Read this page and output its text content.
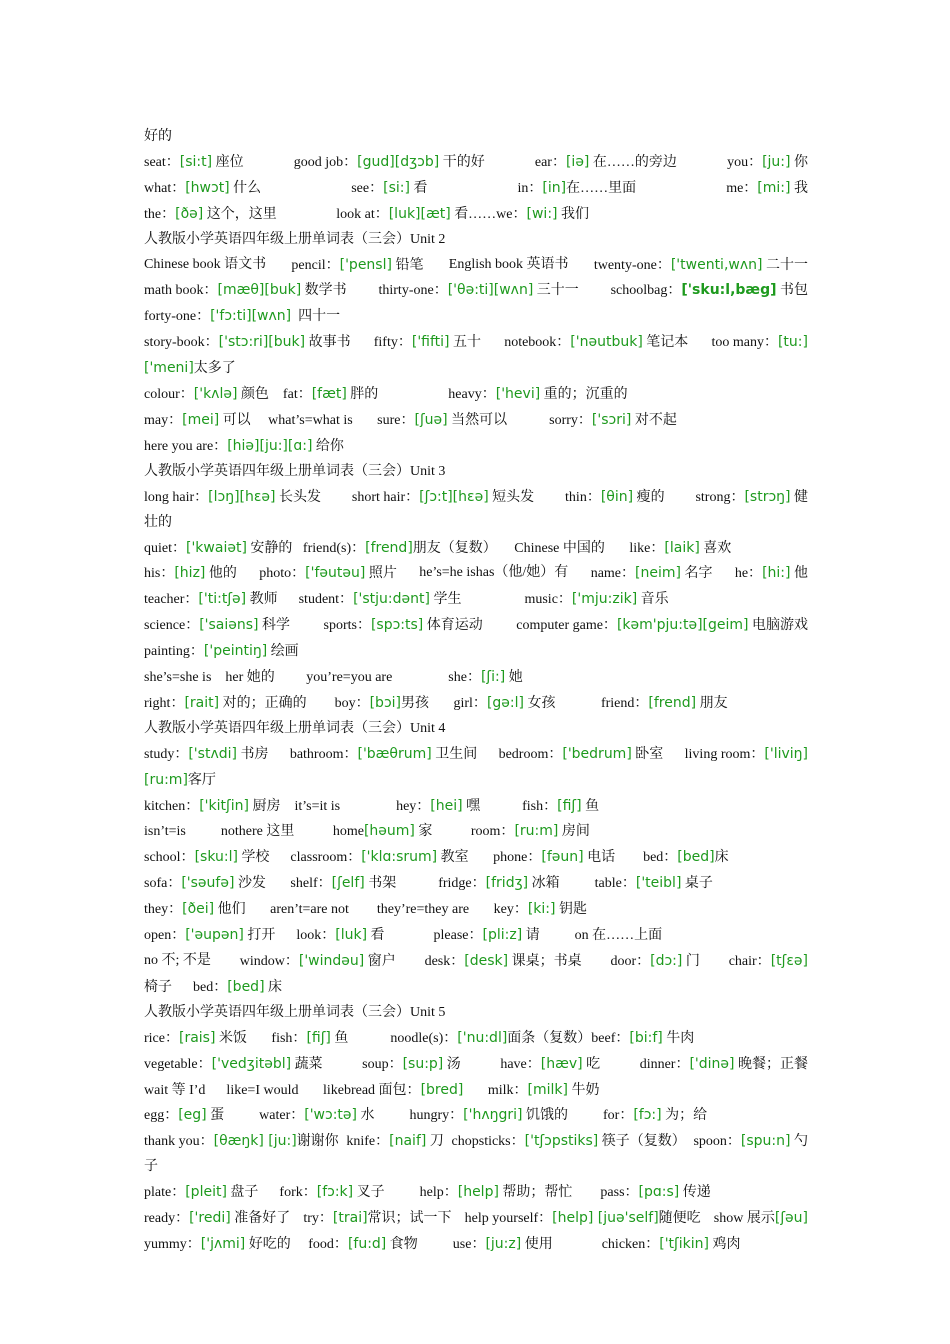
好的
seat：[si:t] 座位	good job：[gud][dʒɔb] 干的好	ear：[iə] 在……的旁边	you：[ju:] 你
what：[hwɔt] 什么	see：[si:] 看	in：[in]在……里面	me：[mi:] 我
the：[ðə] 这个，这里                 look at：[luk][æt] 看……we：[wi:] 我们
人教版小学英语四年级上册单词表（三会）Unit 2
Chinese book 语文书 pencil：['pensl] 铅笔 English book 英语书 twenty-one：['twenti,wʌn] 二十一
math book：[mæθ][buk] 数学书 thirty-one：['θə:ti][wʌn] 三十一 schoolbag：['sku:l,bæg] 书包
forty-one：['fɔ:ti][wʌn]  四十一
story-book：['stɔ:ri][buk] 故事书 fifty：['fifti] 五十 notebook：['nəutbuk] 笔记本 too many：[tu:]
['meni]太多了
colour：['kʌlə] 颜色    fat：[fæt] 胖的                    heavy：['hevi] 重的；沉重的
may：[mei] 可以     what’s=what is       sure：[ʃuə] 当然可以            sorry：['sɔri] 对不起
here you are：[hiə][ju:][ɑ:] 给你
人教版小学英语四年级上册单词表（三会）Unit 3
long hair：[lɔŋ][hεə] 长头发 short hair：[ʃɔ:t][hεə] 短头发 thin：[θin] 瘦的 strong：[strɔŋ] 健
壮的
quiet：['kwaiət] 安静的   friend(s)：[frend]朋友（复数）     Chinese 中国的       like：[laik] 喜欢
his：[hiz] 他的 photo：['fəutəu] 照片 he’s=he ishas（他/她）有 name：[neim] 名字 he：[hi:] 他
teacher：['ti:tʃə] 教师      student：['stju:dənt] 学生                  music：['mju:zik] 音乐
science：['saiəns] 科学 sports：[spɔ:ts] 体育运动 computer game：[kəm'pju:tə][geim] 电脑游戏
painting：['peintiŋ] 绘画
she’s=she is    her 她的         you’re=you are                she：[ʃi:] 她
right：[rait] 对的；正确的        boy：[bɔi]男孩       girl：[gə:l] 女孩             friend：[frend] 朋友
人教版小学英语四年级上册单词表（三会）Unit 4
study：['stʌdi] 书房 bathroom：['bæθrum] 卫生间 bedroom：['bedrum] 卧室 living room：['liviŋ]
[ru:m]客厅
kitchen：['kitʃin] 厨房    it’s=it is                hey：[hei] 嘿            fish：[fiʃ] 鱼
isn’t=is          nothere 这里           home[həum] 家           room：[ru:m] 房间
school：[sku:l] 学校      classroom：['klɑ:srum] 教室       phone：[fəun] 电话        bed：[bed]床
sofa：['səufə] 沙发       shelf：[ʃelf] 书架            fridge：[fridʒ] 冰箱          table：['teibl] 桌子
they：[ðei] 他们       aren’t=are not        they’re=they are       key：[ki:] 钥匙
open：['əupən] 打开      look：[luk] 看              please：[pli:z] 请          on 在……上面
no 不; 不是 window：['windəu] 窗户 desk：[desk] 课桌；书桌 door：[dɔ:] 门 chair：[tʃεə]
椅子      bed：[bed] 床
人教版小学英语四年级上册单词表（三会）Unit 5
rice：[rais] 米饭       fish：[fiʃ] 鱼            noodle(s)：['nu:dl]面条（复数）beef：[bi:f] 牛肉
vegetable：['vedʒitəbl] 蔬菜	soup：[su:p] 汤	have：[hæv] 吃	dinner：['dinə] 晚餐；正餐
wait 等 I’d      like=I would       likebread 面包：[bred]       milk：[milk] 牛奶
egg：[eg] 蛋          water：['wɔ:tə] 水          hungry：['hʌŋgri] 饥饿的          for：[fɔ:] 为；给
thank you：[θæŋk] [ju:]谢谢你 knife：[naif] 刀 chopsticks：['tʃɔpstiks] 筷子（复数） spoon：[spu:n] 勺
子
plate：[pleit] 盘子      fork：[fɔ:k] 叉子          help：[help] 帮助；帮忙        pass：[pɑ:s] 传递
ready：['redi] 准备好了 try：[trai]常识；试一下 help yourself：[help] [juə'self]随便吃 show 展示[ʃəu]
yummy：['jʌmi] 好吃的     food：[fu:d] 食物          use：[ju:z] 使用              chicken：['tʃikin] 鸡肉
